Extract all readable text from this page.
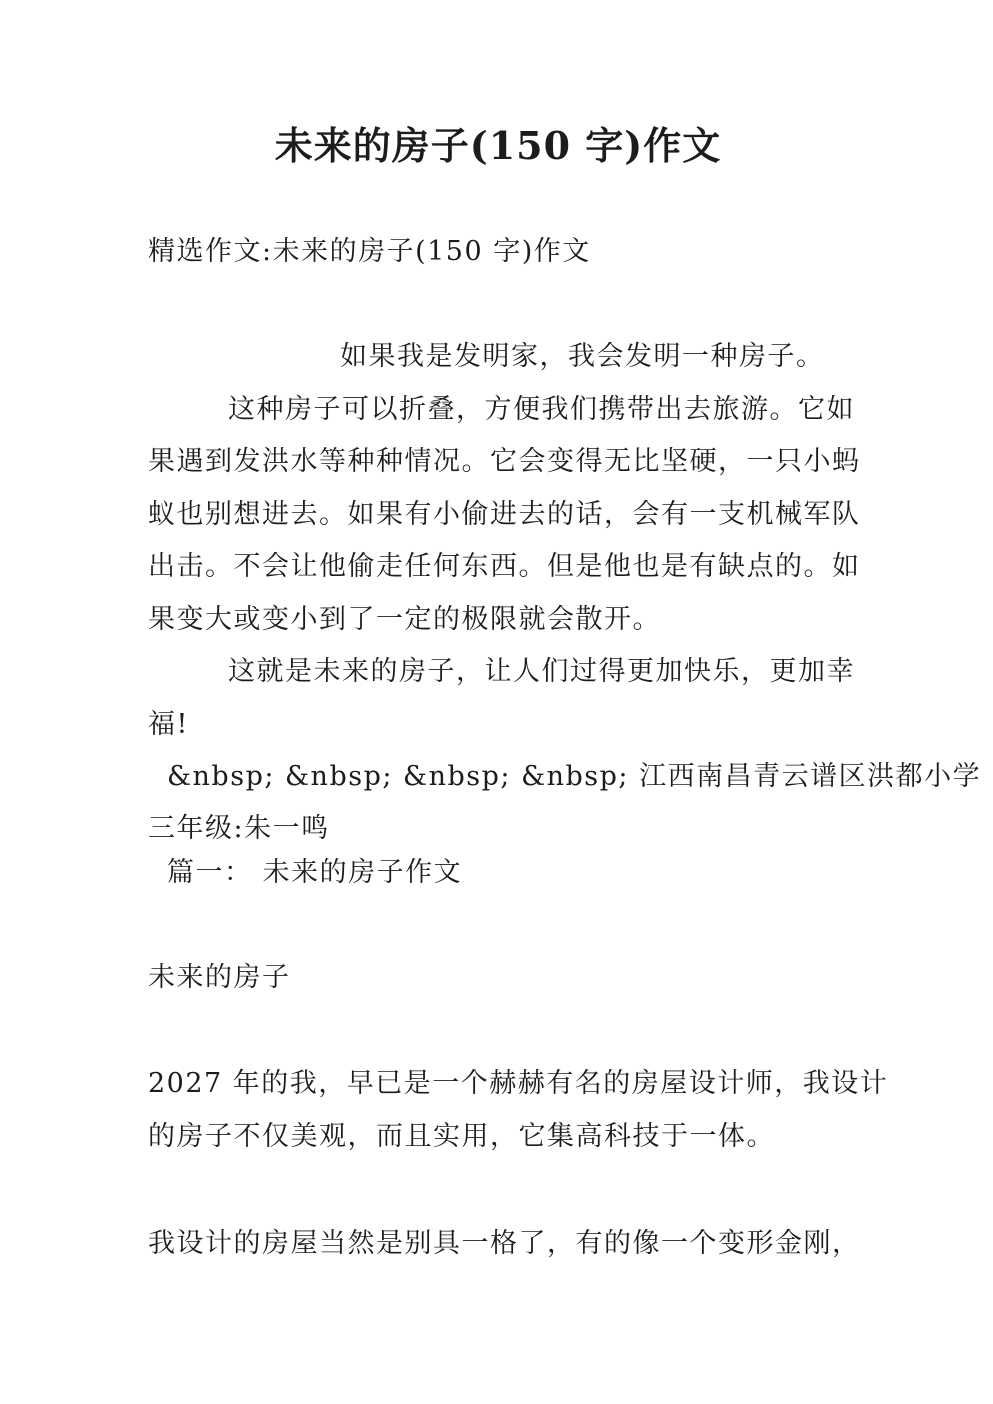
未来的房子(150 字)作文
精选作文:未来的房子(150 字)作文
如果我是发明家，我会发明一种房子。
这种房子可以折叠，方便我们携带出去旅游。它如
果遇到发洪水等种种情况。它会变得无比坚硬，一只小蚂
蚁也别想进去。如果有小偷进去的话，会有一支机械军队
出击。不会让他偷走任何东西。但是他也是有缺点的。如
果变大或变小到了一定的极限就会散开。
这就是未来的房子，让人们过得更加快乐，更加幸
福!
&nbsp; &nbsp; &nbsp; &nbsp; 江西南昌青云谱区洪都小学
三年级:朱一鸣
篇一： 未来的房子作文
未来的房子
2027 年的我，早已是一个赫赫有名的房屋设计师，我设计
的房子不仅美观，而且实用，它集高科技于一体。
我设计的房屋当然是别具一格了，有的像一个变形金刚，
